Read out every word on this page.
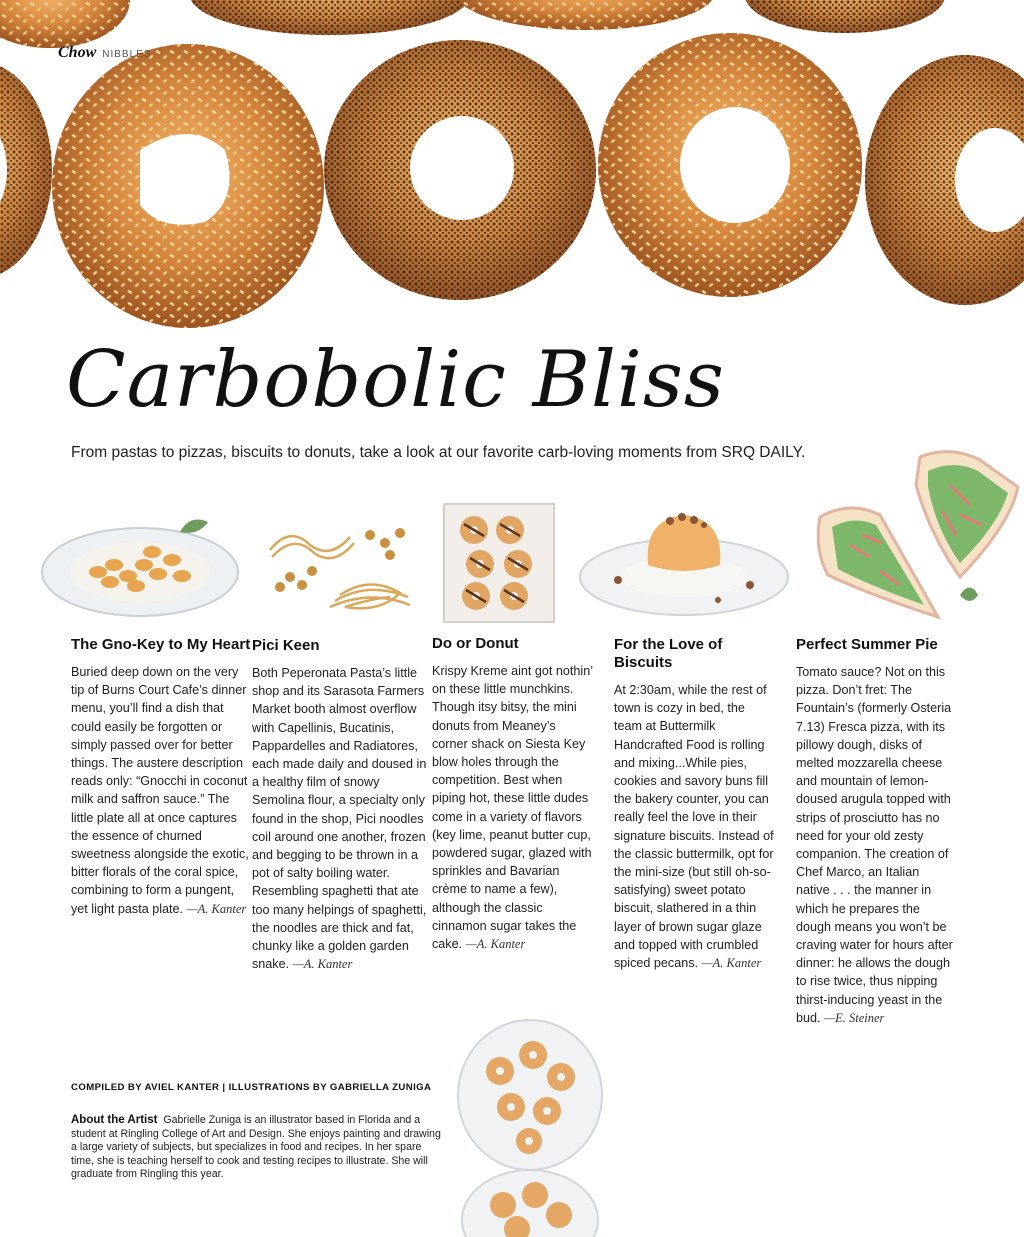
Chow NIBBLES
Carbobolic Bliss
From pastas to pizzas, biscuits to donuts, take a look at our favorite carb-loving moments from SRQ DAILY.
The Gno-Key to My Heart

Buried deep down on the very tip of Burns Court Cafe’s dinner menu, you’ll find a dish that could easily be forgotten or simply passed over for better things. The austere description reads only: “Gnocchi in coconut milk and saffron sauce.” The little plate all at once captures the essence of churned sweetness alongside the exotic, bitter florals of the coral spice, combining to form a pungent, yet light pasta plate. —A. Kanter

Pici Keen

Both Peperonata Pasta’s little shop and its Sarasota Farmers Market booth almost overflow with Capellinis, Bucatinis, Pappardelles and Radiatores, each made daily and doused in a healthy film of snowy Semolina flour, a specialty only found in the shop, Pici noodles coil around one another, frozen and begging to be thrown in a pot of salty boiling water. Resembling spaghetti that ate too many helpings of spaghetti, the noodles are thick and fat, chunky like a golden garden snake. —A. Kanter

Do or Donut

Krispy Kreme aint got nothin’ on these little munchkins. Though itsy bitsy, the mini donuts from Meaney’s corner shack on Siesta Key blow holes through the competition. Best when piping hot, these little dudes come in a variety of flavors (key lime, peanut butter cup, powdered sugar, glazed with sprinkles and Bavarian crème to name a few), although the classic cinnamon sugar takes the cake. —A. Kanter

For the Love of Biscuits

At 2:30am, while the rest of town is cozy in bed, the team at Buttermilk Handcrafted Food is rolling and mixing...While pies, cookies and savory buns fill the bakery counter, you can really feel the love in their signature biscuits. Instead of the classic buttermilk, opt for the mini-size (but still oh-so-satisfying) sweet potato biscuit, slathered in a thin layer of brown sugar glaze and topped with crumbled spiced pecans. —A. Kanter

Perfect Summer Pie

Tomato sauce? Not on this pizza. Don’t fret: The Fountain’s (formerly Osteria 7.13) Fresca pizza, with its pillowy dough, disks of melted mozzarella cheese and mountain of lemon-doused arugula topped with strips of prosciutto has no need for your old zesty companion. The creation of Chef Marco, an Italian native . . . the manner in which he prepares the dough means you won’t be craving water for hours after dinner: he allows the dough to rise twice, thus nipping thirst-inducing yeast in the bud. —E. Steiner

COMPILED BY AVIEL KANTER | ILLUSTRATIONS BY GABRIELLA ZUNIGA
About the Artist Gabrielle Zuniga is an illustrator based in Florida and a student at Ringling College of Art and Design. She enjoys painting and drawing a large variety of subjects, but specializes in food and recipes. In her spare time, she is teaching herself to cook and testing recipes to illustrate. She will graduate from Ringling this year.
